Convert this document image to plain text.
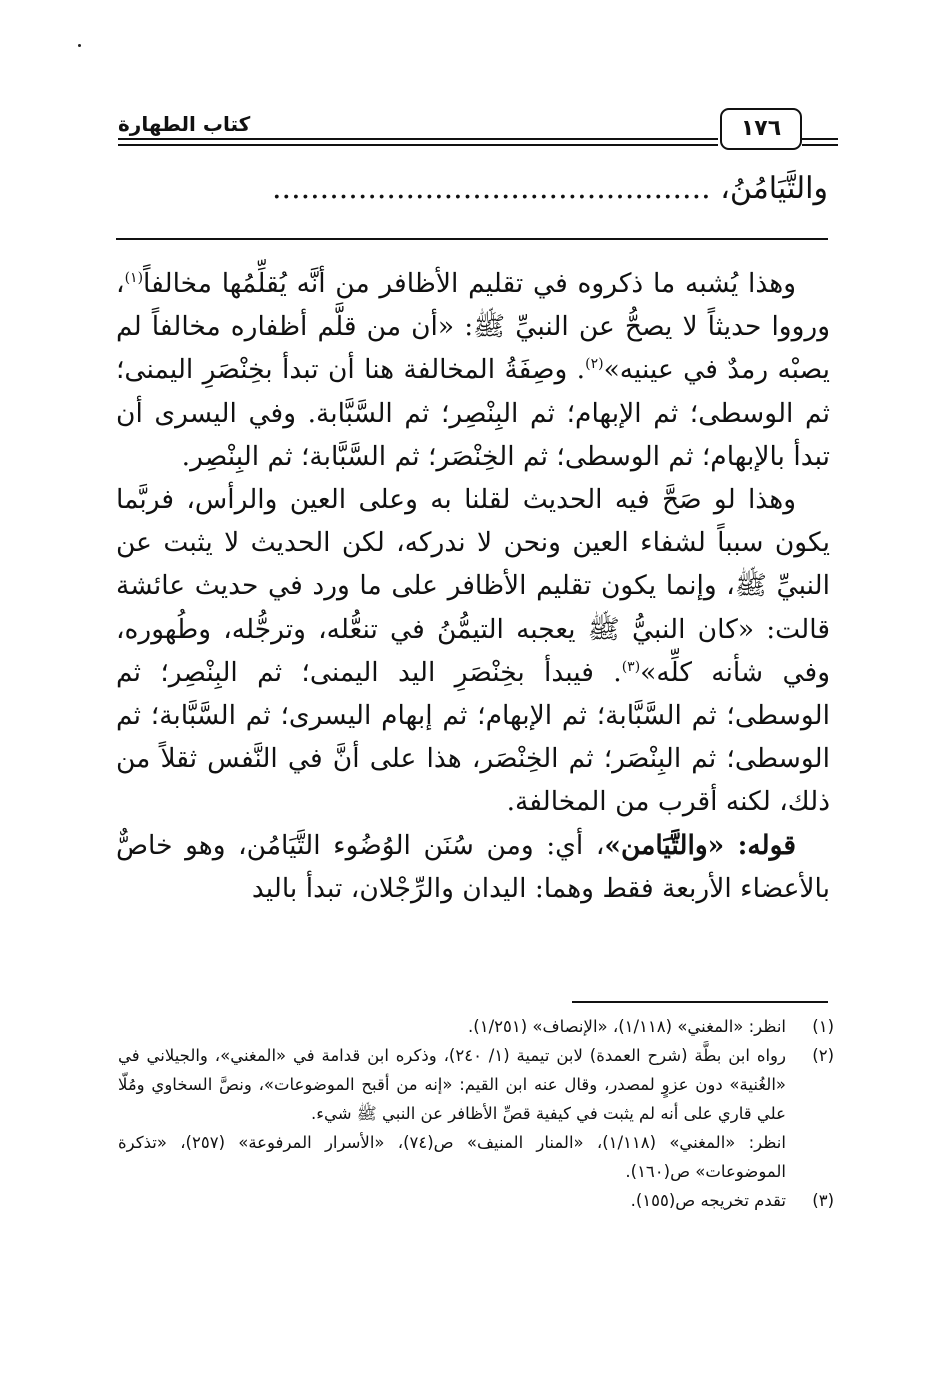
كتاب الطهارة	١٧٦
والتَّيَامُنُ، ..............................................

وهذا يُشبه ما ذكروه في تقليم الأظافر من أنَّه يُقلِّمُها مخالفاً$^{(١)}$، ورووا حديثاً لا يصحُّ عن النبيِّ ﷺ: «أن من قلَّم أظفاره مخالفاً لم يصبْه رمدٌ في عينيه»$^{(٢)}$. وصِفَةُ المخالفة هنا أن تبدأ بخِنْصَرِ اليمنى؛ ثم الوسطى؛ ثم الإبهام؛ ثم البِنْصِر؛ ثم السَّبَّابة. وفي اليسرى أن تبدأ بالإبهام؛ ثم الوسطى؛ ثم الخِنْصَر؛ ثم السَّبَّابة؛ ثم البِنْصِر.

وهذا لو صَحَّ فيه الحديث لقلنا به وعلى العين والرأس، فربَّما يكون سبباً لشفاء العين ونحن لا ندركه، لكن الحديث لا يثبت عن النبيِّ ﷺ، وإنما يكون تقليم الأظافر على ما ورد في حديث عائشة قالت: «كان النبيُّ ﷺ يعجبه التيمُّنُ في تنعُّله، وترجُّله، وطُهوره، وفي شأنه كلِّه»$^{(٣)}$. فيبدأ بخِنْصَرِ اليد اليمنى؛ ثم البِنْصِر؛ ثم الوسطى؛ ثم السَّبَّابة؛ ثم الإبهام؛ ثم إبهام اليسرى؛ ثم السَّبَّابة؛ ثم الوسطى؛ ثم البِنْصَر؛ ثم الخِنْصَر، هذا على أنَّ في النَّفس ثقلاً من ذلك، لكنه أقرب من المخالفة.

قوله: «والتَّيَامن»، أي: ومن سُنَن الوُضُوء التَّيَامُن، وهو خاصٌّ بالأعضاء الأربعة فقط وهما: اليدان والرِّجْلان، تبدأ باليد

(١)
انظر: «المغني» (١/١١٨)، «الإنصاف» (١/٢٥١).
(٢)
رواه ابن بطَّة (شرح العمدة) لابن تيمية (١/ ٢٤٠)، وذكره ابن قدامة في «المغني»، والجيلاني في «الغُنية» دون عزوٍ لمصدر، وقال عنه ابن القيم: «إنه من أقبح الموضوعات»، ونصَّ السخاوي ومُلّا علي قاري على أنه لم يثبت في كيفية قصِّ الأظافر عن النبي ﷺ شيء.
انظر: «المغني» (١/١١٨)، «المنار المنيف» ص(٧٤)، «الأسرار المرفوعة» (٢٥٧)، «تذكرة الموضوعات» ص(١٦٠).
(٣)
تقدم تخريجه ص(١٥٥).
